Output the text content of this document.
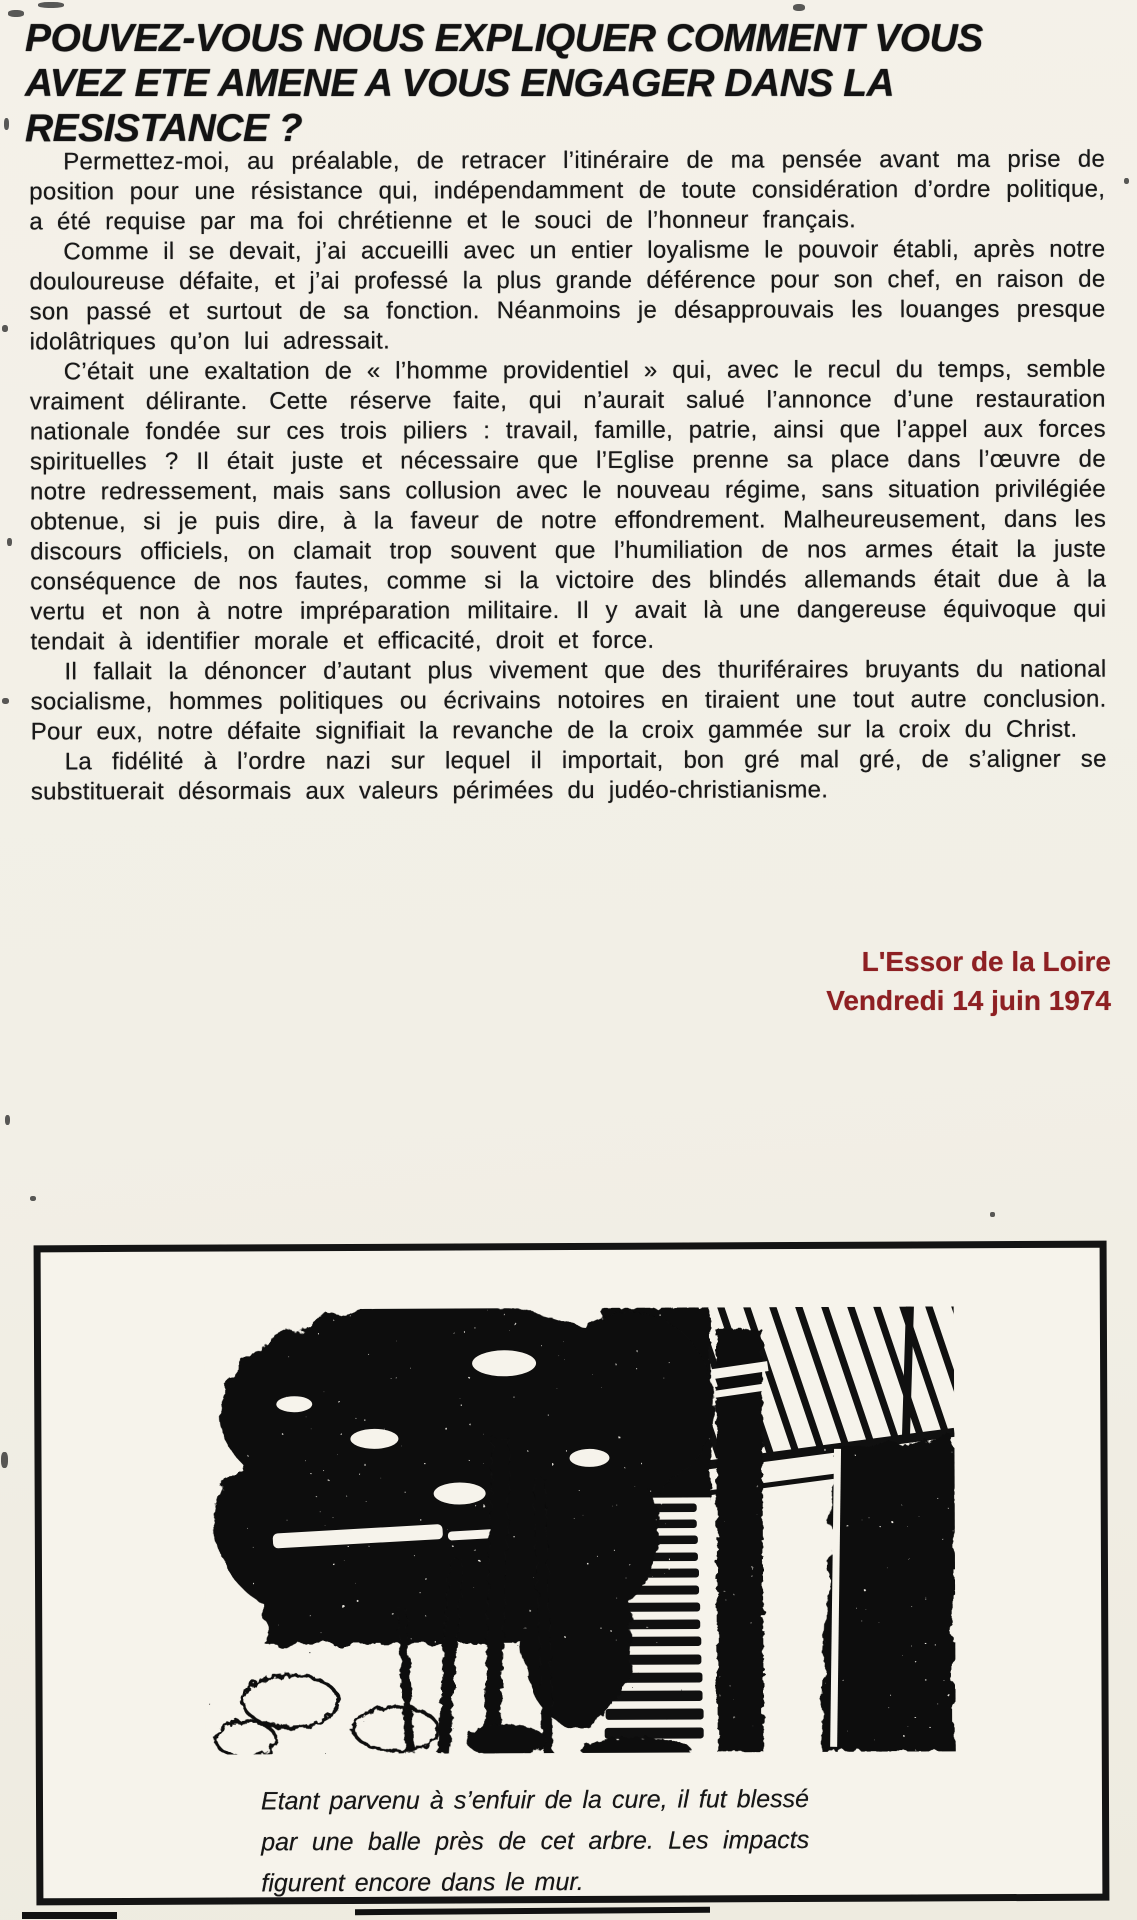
POUVEZ-VOUS NOUS EXPLIQUER COMMENT VOUS
AVEZ ETE AMENE A VOUS ENGAGER DANS LA
RESISTANCE ?

Permettez-moi, au préalable, de retracer l’itinéraire de ma pensée avant ma prise de position pour une résistance qui, indépendamment de toute considération d’ordre politique, a été requise par ma foi chrétienne et le souci de l’honneur français.

Comme il se devait, j’ai accueilli avec un entier loyalisme le pouvoir établi, après notre douloureuse défaite, et j’ai professé la plus grande déférence pour son chef, en raison de son passé et surtout de sa fonction. Néanmoins je désapprouvais les louanges presque idolâtriques qu’on lui adressait.

C’était une exaltation de « l’homme providentiel » qui, avec le recul du temps, semble vraiment délirante. Cette réserve faite, qui n’aurait salué l’annonce d’une restauration nationale fondée sur ces trois piliers : travail, famille, patrie, ainsi que l’appel aux forces spirituelles ? Il était juste et nécessaire que l’Eglise prenne sa place dans l’œuvre de notre redressement, mais sans collusion avec le nouveau régime, sans situation privilégiée obtenue, si je puis dire, à la faveur de notre effondrement. Malheureusement, dans les discours officiels, on clamait trop souvent que l’humiliation de nos armes était la juste conséquence de nos fautes, comme si la victoire des blindés allemands était due à la vertu et non à notre impréparation militaire. Il y avait là une dangereuse équivoque qui tendait à identifier morale et efficacité, droit et force.

Il fallait la dénoncer d’autant plus vivement que des thuriféraires bruyants du national socialisme, hommes politiques ou écrivains notoires en tiraient une tout autre conclusion. Pour eux, notre défaite signifiait la revanche de la croix gammée sur la croix du Christ.

La fidélité à l’ordre nazi sur lequel il importait, bon gré mal gré, de s’aligner se substituerait désormais aux valeurs périmées du judéo-christianisme.

L'Essor de la Loire
Vendredi 14 juin 1974

Etant parvenu à s’enfuir de la cure, il fut blessé par une balle près de cet arbre. Les impacts figurent encore dans le mur.
